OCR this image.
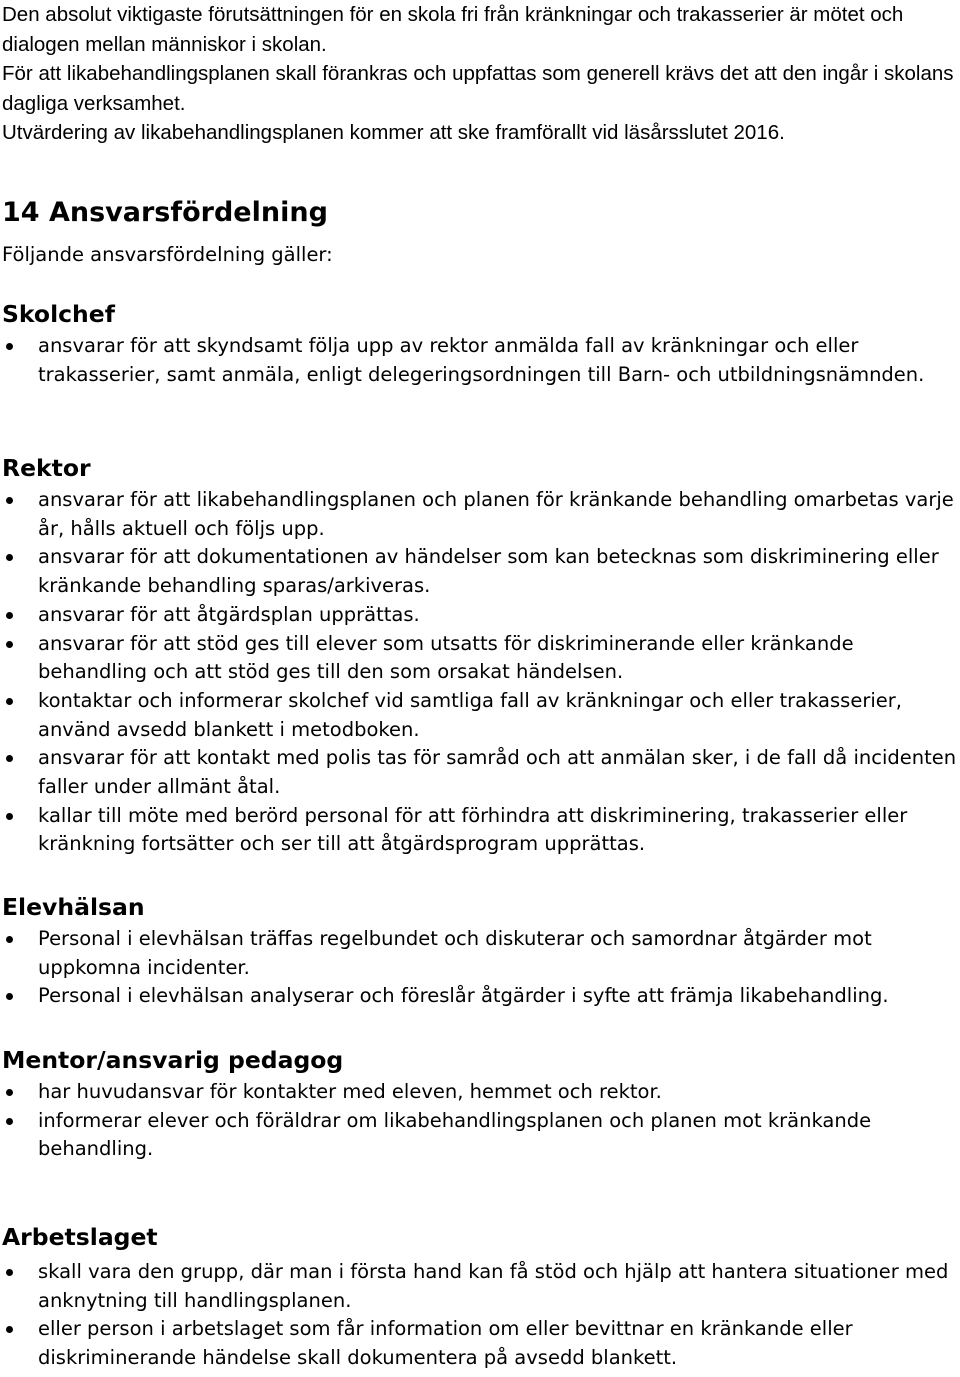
Den absolut viktigaste förutsättningen för en skola fri från kränkningar och trakasserier är mötet och dialogen mellan människor i skolan.

För att likabehandlingsplanen skall förankras och uppfattas som generell krävs det att den ingår i skolans dagliga verksamhet.

Utvärdering av likabehandlingsplanen kommer att ske framförallt vid läsårsslutet 2016.

14 Ansvarsfördelning

Följande ansvarsfördelning gäller:

Skolchef
ansvarar för att skyndsamt följa upp av rektor anmälda fall av kränkningar och eller trakasserier, samt anmäla, enligt delegeringsordningen till Barn- och utbildningsnämnden.
Rektor
ansvarar för att likabehandlingsplanen och planen för kränkande behandling omarbetas varje år, hålls aktuell och följs upp.
ansvarar för att dokumentationen av händelser som kan betecknas som diskriminering eller kränkande behandling sparas/arkiveras.
ansvarar för att åtgärdsplan upprättas.
ansvarar för att stöd ges till elever som utsatts för diskriminerande eller kränkande behandling och att stöd ges till den som orsakat händelsen.
kontaktar och informerar skolchef vid samtliga fall av kränkningar och eller trakasserier, använd avsedd blankett i metodboken.
ansvarar för att kontakt med polis tas för samråd och att anmälan sker, i de fall då incidenten faller under allmänt åtal.
kallar till möte med berörd personal för att förhindra att diskriminering, trakasserier eller kränkning fortsätter och ser till att åtgärdsprogram upprättas.
Elevhälsan
Personal i elevhälsan träffas regelbundet och diskuterar och samordnar åtgärder mot uppkomna incidenter.
Personal i elevhälsan analyserar och föreslår åtgärder i syfte att främja likabehandling.
Mentor/ansvarig pedagog
har huvudansvar för kontakter med eleven, hemmet och rektor.
informerar elever och föräldrar om likabehandlingsplanen och planen mot kränkande behandling.
Arbetslaget
skall vara den grupp, där man i första hand kan få stöd och hjälp att hantera situationer med anknytning till handlingsplanen.
eller person i arbetslaget som får information om eller bevittnar en kränkande eller diskriminerande händelse skall dokumentera på avsedd blankett.
